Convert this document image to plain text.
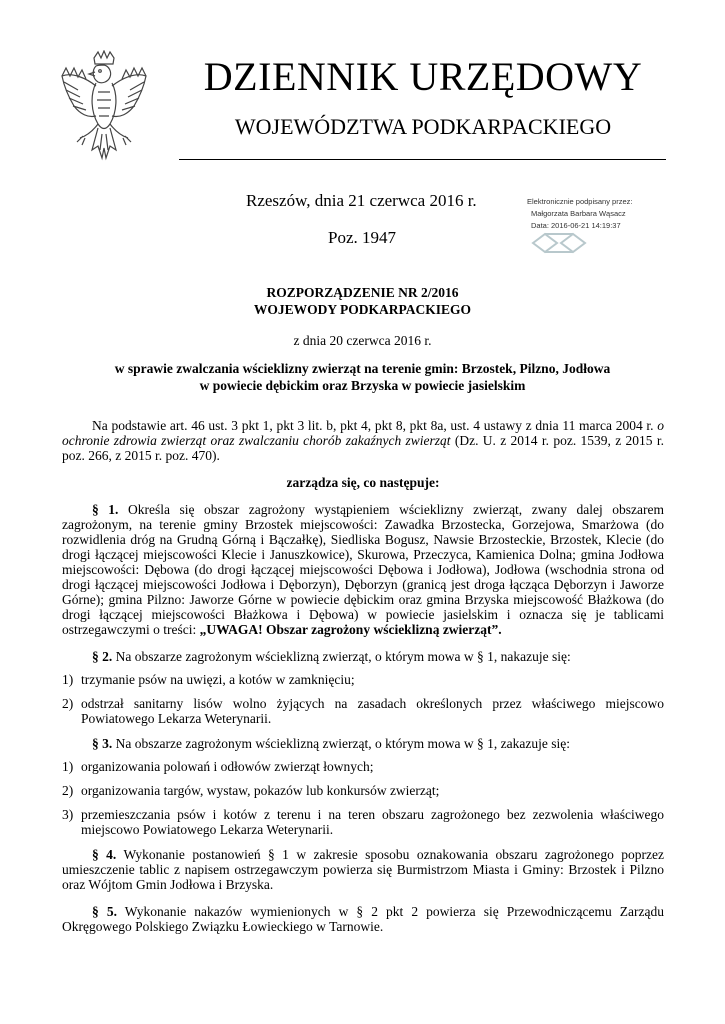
DZIENNIK URZĘDOWY
WOJEWÓDZTWA PODKARPACKIEGO
Rzeszów, dnia 21 czerwca 2016 r.
Poz. 1947
Elektronicznie podpisany przez:
Małgorzata Barbara Wąsacz
Data: 2016-06-21 14:19:37
ROZPORZĄDZENIE NR 2/2016
WOJEWODY PODKARPACKIEGO
z dnia 20 czerwca 2016 r.
w sprawie zwalczania wścieklizny zwierząt na terenie gmin: Brzostek, Pilzno, Jodłowa
w powiecie dębickim oraz Brzyska w powiecie jasielskim

Na podstawie art. 46 ust. 3 pkt 1, pkt 3 lit. b, pkt 4, pkt 8, pkt 8a, ust. 4 ustawy z dnia 11 marca 2004 r. o ochronie zdrowia zwierząt oraz zwalczaniu chorób zakaźnych zwierząt (Dz. U. z 2014 r. poz. 1539, z 2015 r. poz. 266, z 2015 r. poz. 470).

zarządza się, co następuje:

§ 1. Określa się obszar zagrożony wystąpieniem wścieklizny zwierząt, zwany dalej obszarem zagrożonym, na terenie gminy Brzostek miejscowości: Zawadka Brzostecka, Gorzejowa, Smarżowa (do rozwidlenia dróg na Grudną Górną i Bączałkę), Siedliska Bogusz, Nawsie Brzosteckie, Brzostek, Klecie (do drogi łączącej miejscowości Klecie i Januszkowice), Skurowa, Przeczyca, Kamienica Dolna; gmina Jodłowa miejscowości: Dębowa (do drogi łączącej miejscowości Dębowa i Jodłowa), Jodłowa (wschodnia strona od drogi łączącej miejscowości Jodłowa i Dęborzyn), Dęborzyn (granicą jest droga łącząca Dęborzyn i Jaworze Górne); gmina Pilzno: Jaworze Górne w powiecie dębickim oraz gmina Brzyska miejscowość Błażkowa (do drogi łączącej miejscowości Błażkowa i Dębowa) w powiecie jasielskim i oznacza się je tablicami ostrzegawczymi o treści: „UWAGA! Obszar zagrożony wścieklizną zwierząt”.

§ 2. Na obszarze zagrożonym wścieklizną zwierząt, o którym mowa w § 1, nakazuje się:

1) trzymanie psów na uwięzi, a kotów w zamknięciu;
2) odstrzał sanitarny lisów wolno żyjących na zasadach określonych przez właściwego miejscowo Powiatowego Lekarza Weterynarii.

§ 3. Na obszarze zagrożonym wścieklizną zwierząt, o którym mowa w § 1, zakazuje się:

1) organizowania polowań i odłowów zwierząt łownych;
2) organizowania targów, wystaw, pokazów lub konkursów zwierząt;
3) przemieszczania psów i kotów z terenu i na teren obszaru zagrożonego bez zezwolenia właściwego miejscowo Powiatowego Lekarza Weterynarii.

§ 4. Wykonanie postanowień § 1 w zakresie sposobu oznakowania obszaru zagrożonego poprzez umieszczenie tablic z napisem ostrzegawczym powierza się Burmistrzom Miasta i Gminy: Brzostek i Pilzno oraz Wójtom Gmin Jodłowa i Brzyska.

§ 5. Wykonanie nakazów wymienionych w § 2 pkt 2 powierza się Przewodniczącemu Zarządu Okręgowego Polskiego Związku Łowieckiego w Tarnowie.
